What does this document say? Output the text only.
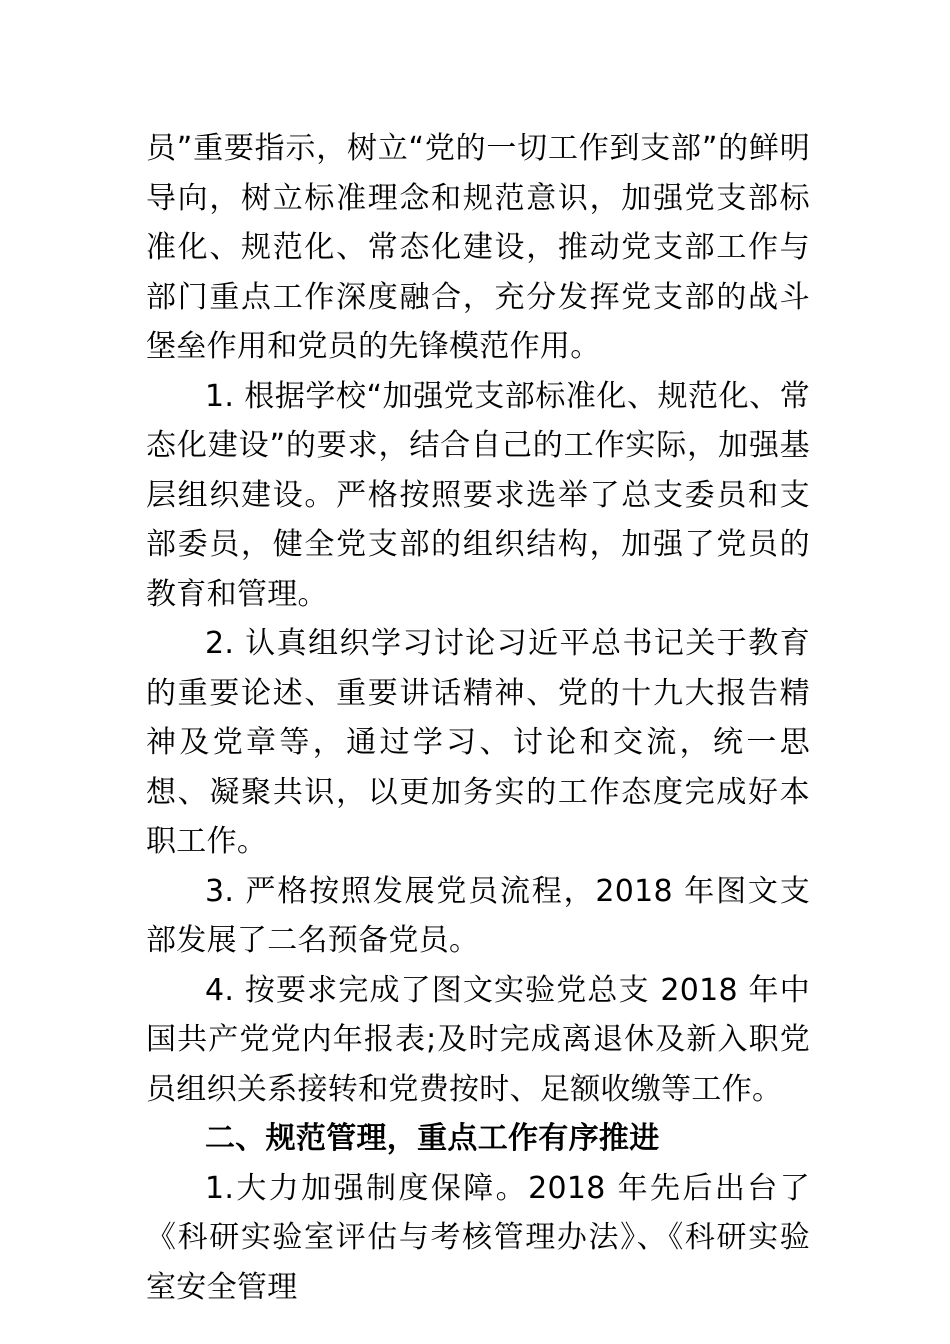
员”重要指示，树立“党的一切工作到支部”的鲜明导向，树立标准理念和规范意识，加强党支部标准化、规范化、常态化建设，推动党支部工作与部门重点工作深度融合，充分发挥党支部的战斗堡垒作用和党员的先锋模范作用。

1. 根据学校“加强党支部标准化、规范化、常态化建设”的要求，结合自己的工作实际，加强基层组织建设。严格按照要求选举了总支委员和支部委员，健全党支部的组织结构，加强了党员的教育和管理。

2. 认真组织学习讨论习近平总书记关于教育的重要论述、重要讲话精神、党的十九大报告精神及党章等，通过学习、讨论和交流，统一思想、凝聚共识，以更加务实的工作态度完成好本职工作。

3. 严格按照发展党员流程，2018 年图文支部发展了二名预备党员。

4. 按要求完成了图文实验党总支 2018 年中国共产党党内年报表;及时完成离退休及新入职党员组织关系接转和党费按时、足额收缴等工作。

二、规范管理，重点工作有序推进

1.大力加强制度保障。2018 年先后出台了《科研实验室评估与考核管理办法》、《科研实验室安全管理
